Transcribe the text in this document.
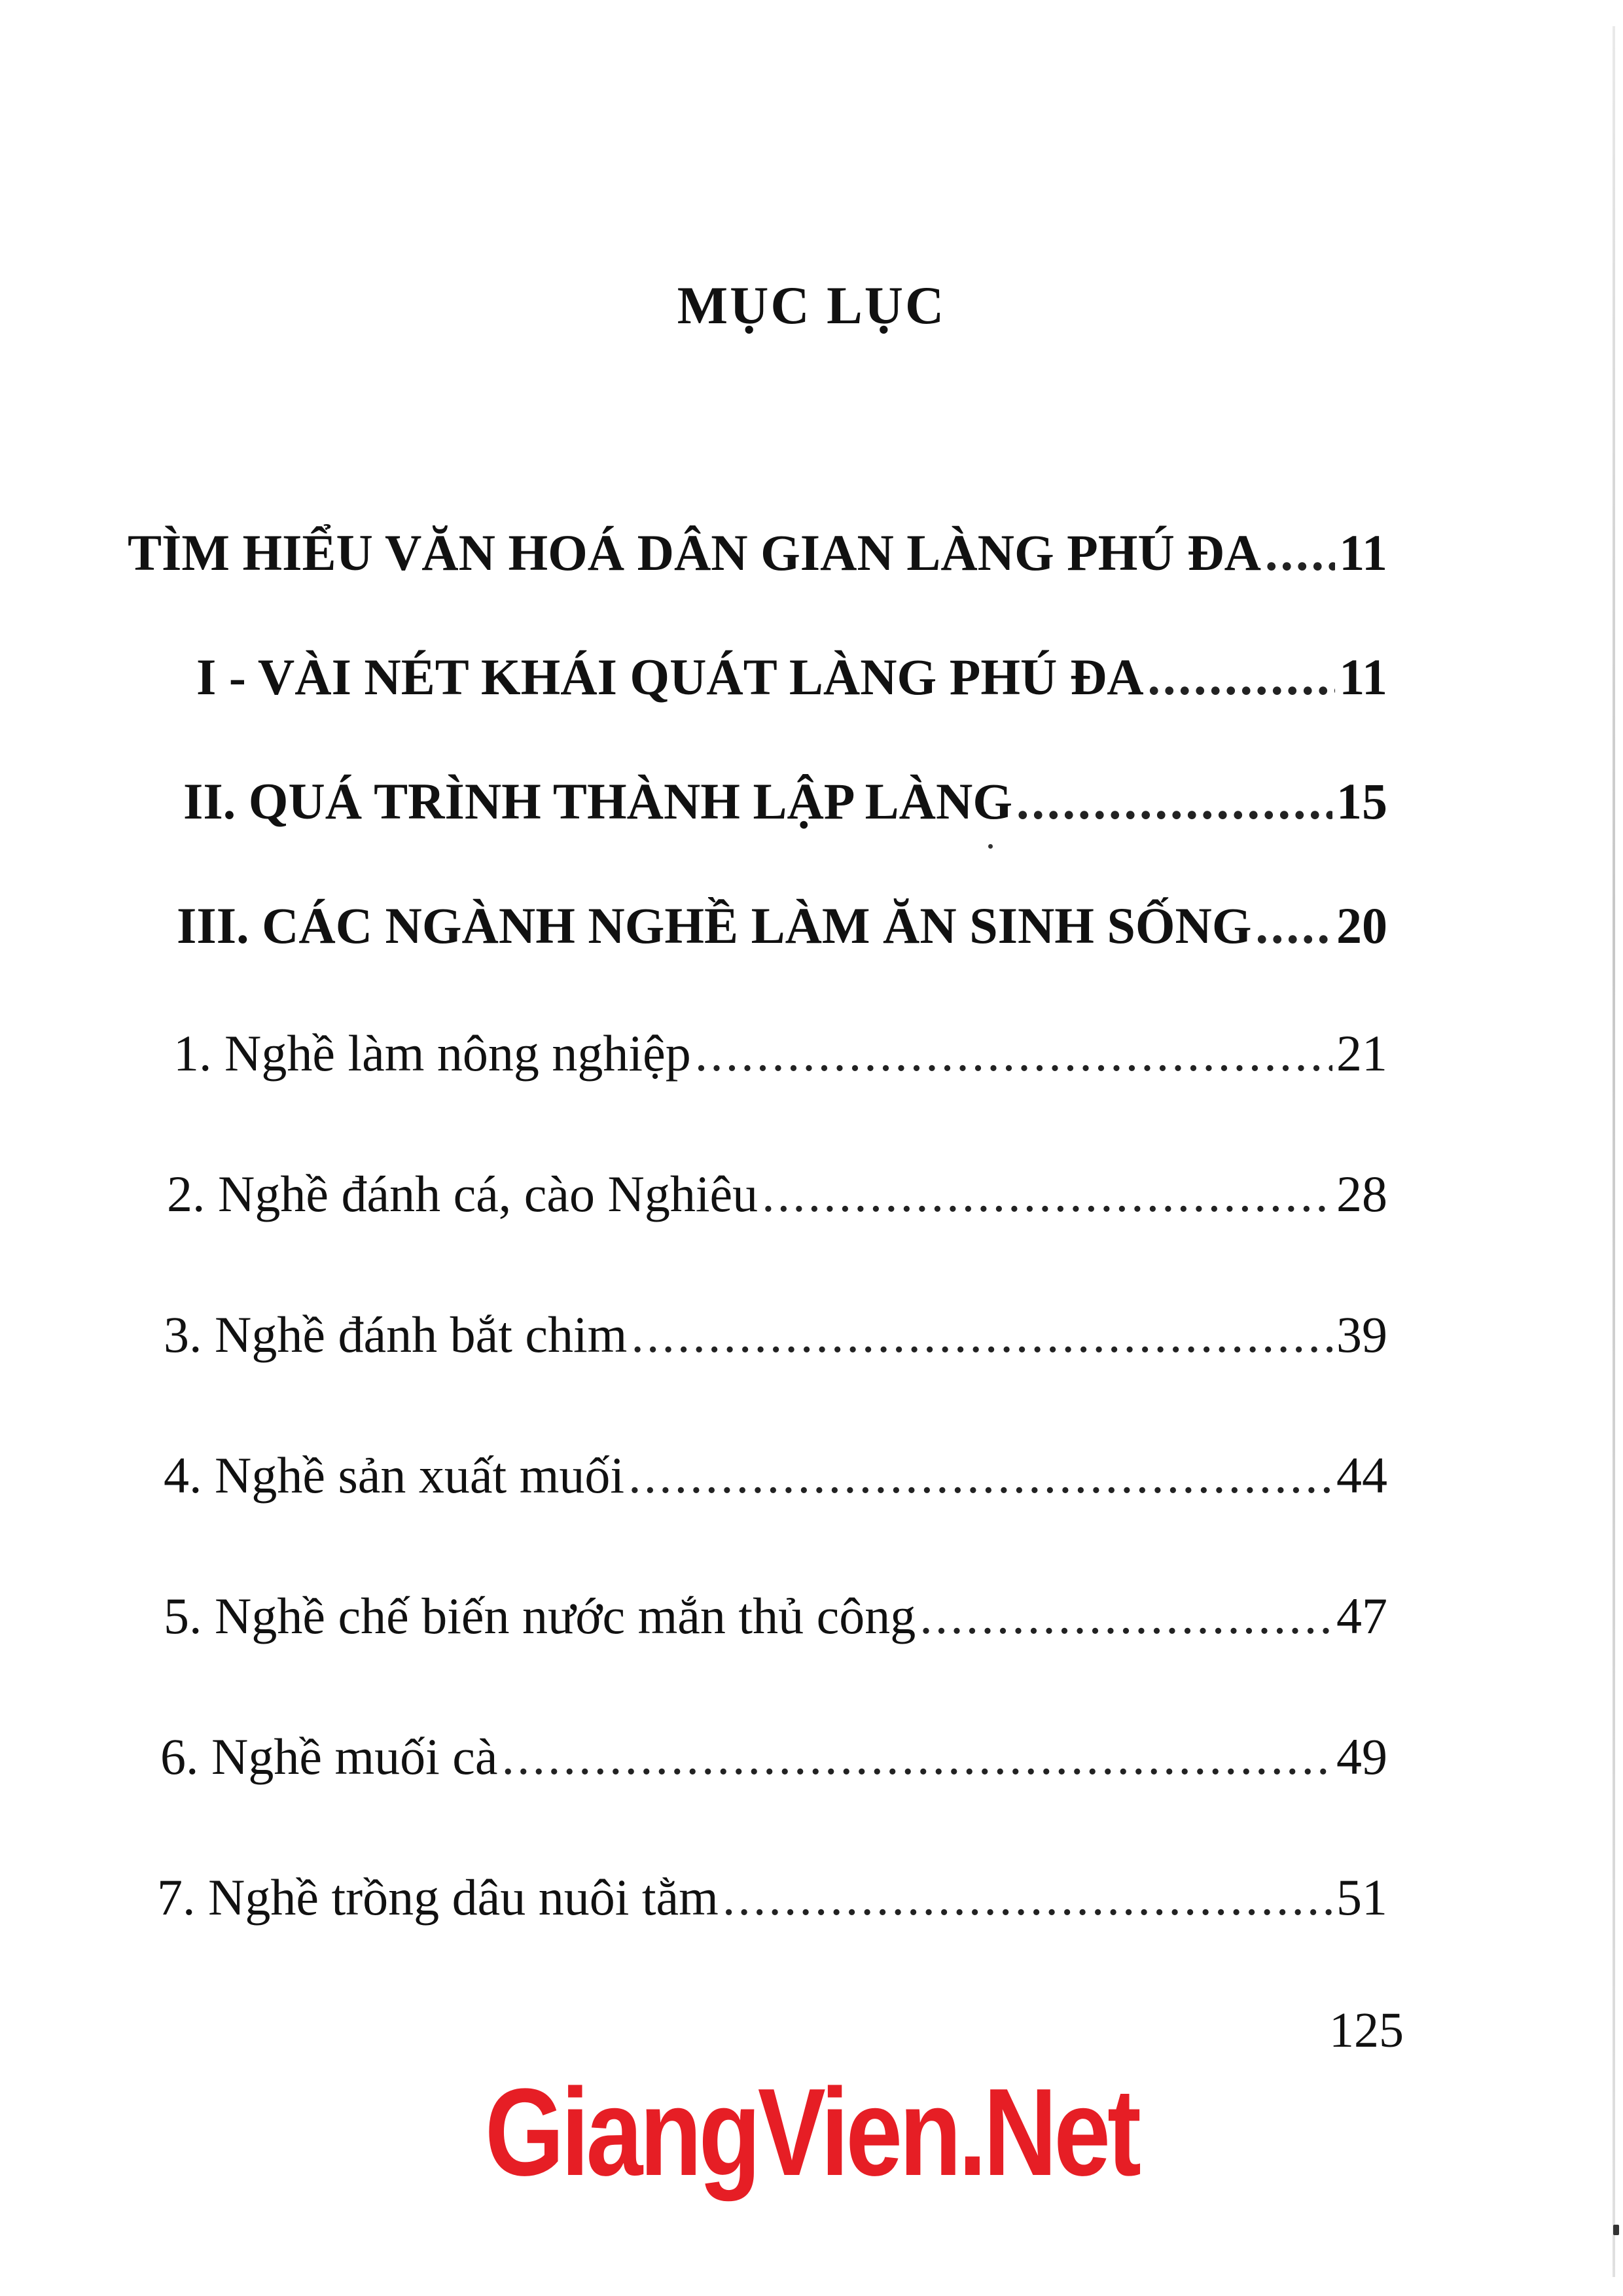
MỤC LỤC
TÌM HIỂU VĂN HOÁ DÂN GIAN LÀNG PHÚ ĐA ..... 11
I - VÀI NÉT KHÁI QUÁT LÀNG PHÚ ĐA .....	11
II. QUÁ TRÌNH THÀNH LẬP LÀNG .....	15
III. CÁC NGÀNH NGHỀ LÀM ĂN SINH SỐNG ..... 20
1. Nghề làm nông nghiệp .....	21
2. Nghề đánh cá, cào Nghiêu .....	28
3. Nghề đánh bắt chim .....	39
4. Nghề sản xuất muối .....	44
5. Nghề chế biến nước mắn thủ công .....	47
6. Nghề muối cà .....	49
7. Nghề trồng dâu nuôi tằm .....	51
125
GiangVien.Net
